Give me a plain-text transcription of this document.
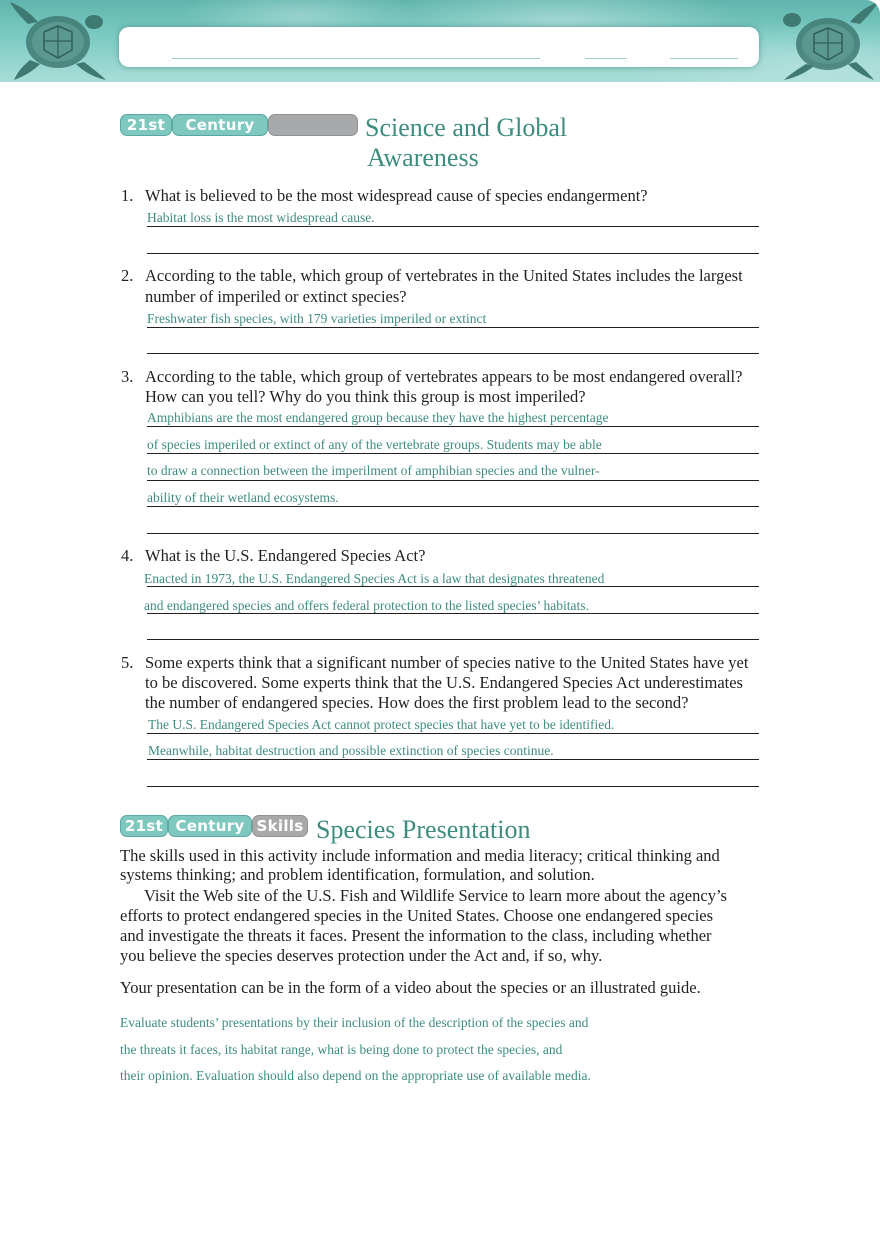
21st	Century	Science and Global
Awareness
1. What is believed to be the most widespread cause of species endangerment?
Habitat loss is the most widespread cause.
2. According to the table, which group of vertebrates in the United States includes the largest
number of imperiled or extinct species?
Freshwater fish species, with 179 varieties imperiled or extinct
3. According to the table, which group of vertebrates appears to be most endangered overall?
How can you tell? Why do you think this group is most imperiled?
Amphibians are the most endangered group because they have the highest percentage
of species imperiled or extinct of any of the vertebrate groups. Students may be able
to draw a connection between the imperilment of amphibian species and the vulner-
ability of their wetland ecosystems.
4. What is the U.S. Endangered Species Act?
Enacted in 1973, the U.S. Endangered Species Act is a law that designates threatened
and endangered species and offers federal protection to the listed species’ habitats.
5. Some experts think that a significant number of species native to the United States have yet
to be discovered. Some experts think that the U.S. Endangered Species Act underestimates
the number of endangered species. How does the first problem lead to the second?
The U.S. Endangered Species Act cannot protect species that have yet to be identified.
Meanwhile, habitat destruction and possible extinction of species continue.
21st Century Skills Species Presentation
The skills used in this activity include information and media literacy; critical thinking and
systems thinking; and problem identification, formulation, and solution.
Visit the Web site of the U.S. Fish and Wildlife Service to learn more about the agency’s
efforts to protect endangered species in the United States. Choose one endangered species
and investigate the threats it faces. Present the information to the class, including whether
you believe the species deserves protection under the Act and, if so, why.
Your presentation can be in the form of a video about the species or an illustrated guide.
Evaluate students’ presentations by their inclusion of the description of the species and
the threats it faces, its habitat range, what is being done to protect the species, and
their opinion. Evaluation should also depend on the appropriate use of available media.
